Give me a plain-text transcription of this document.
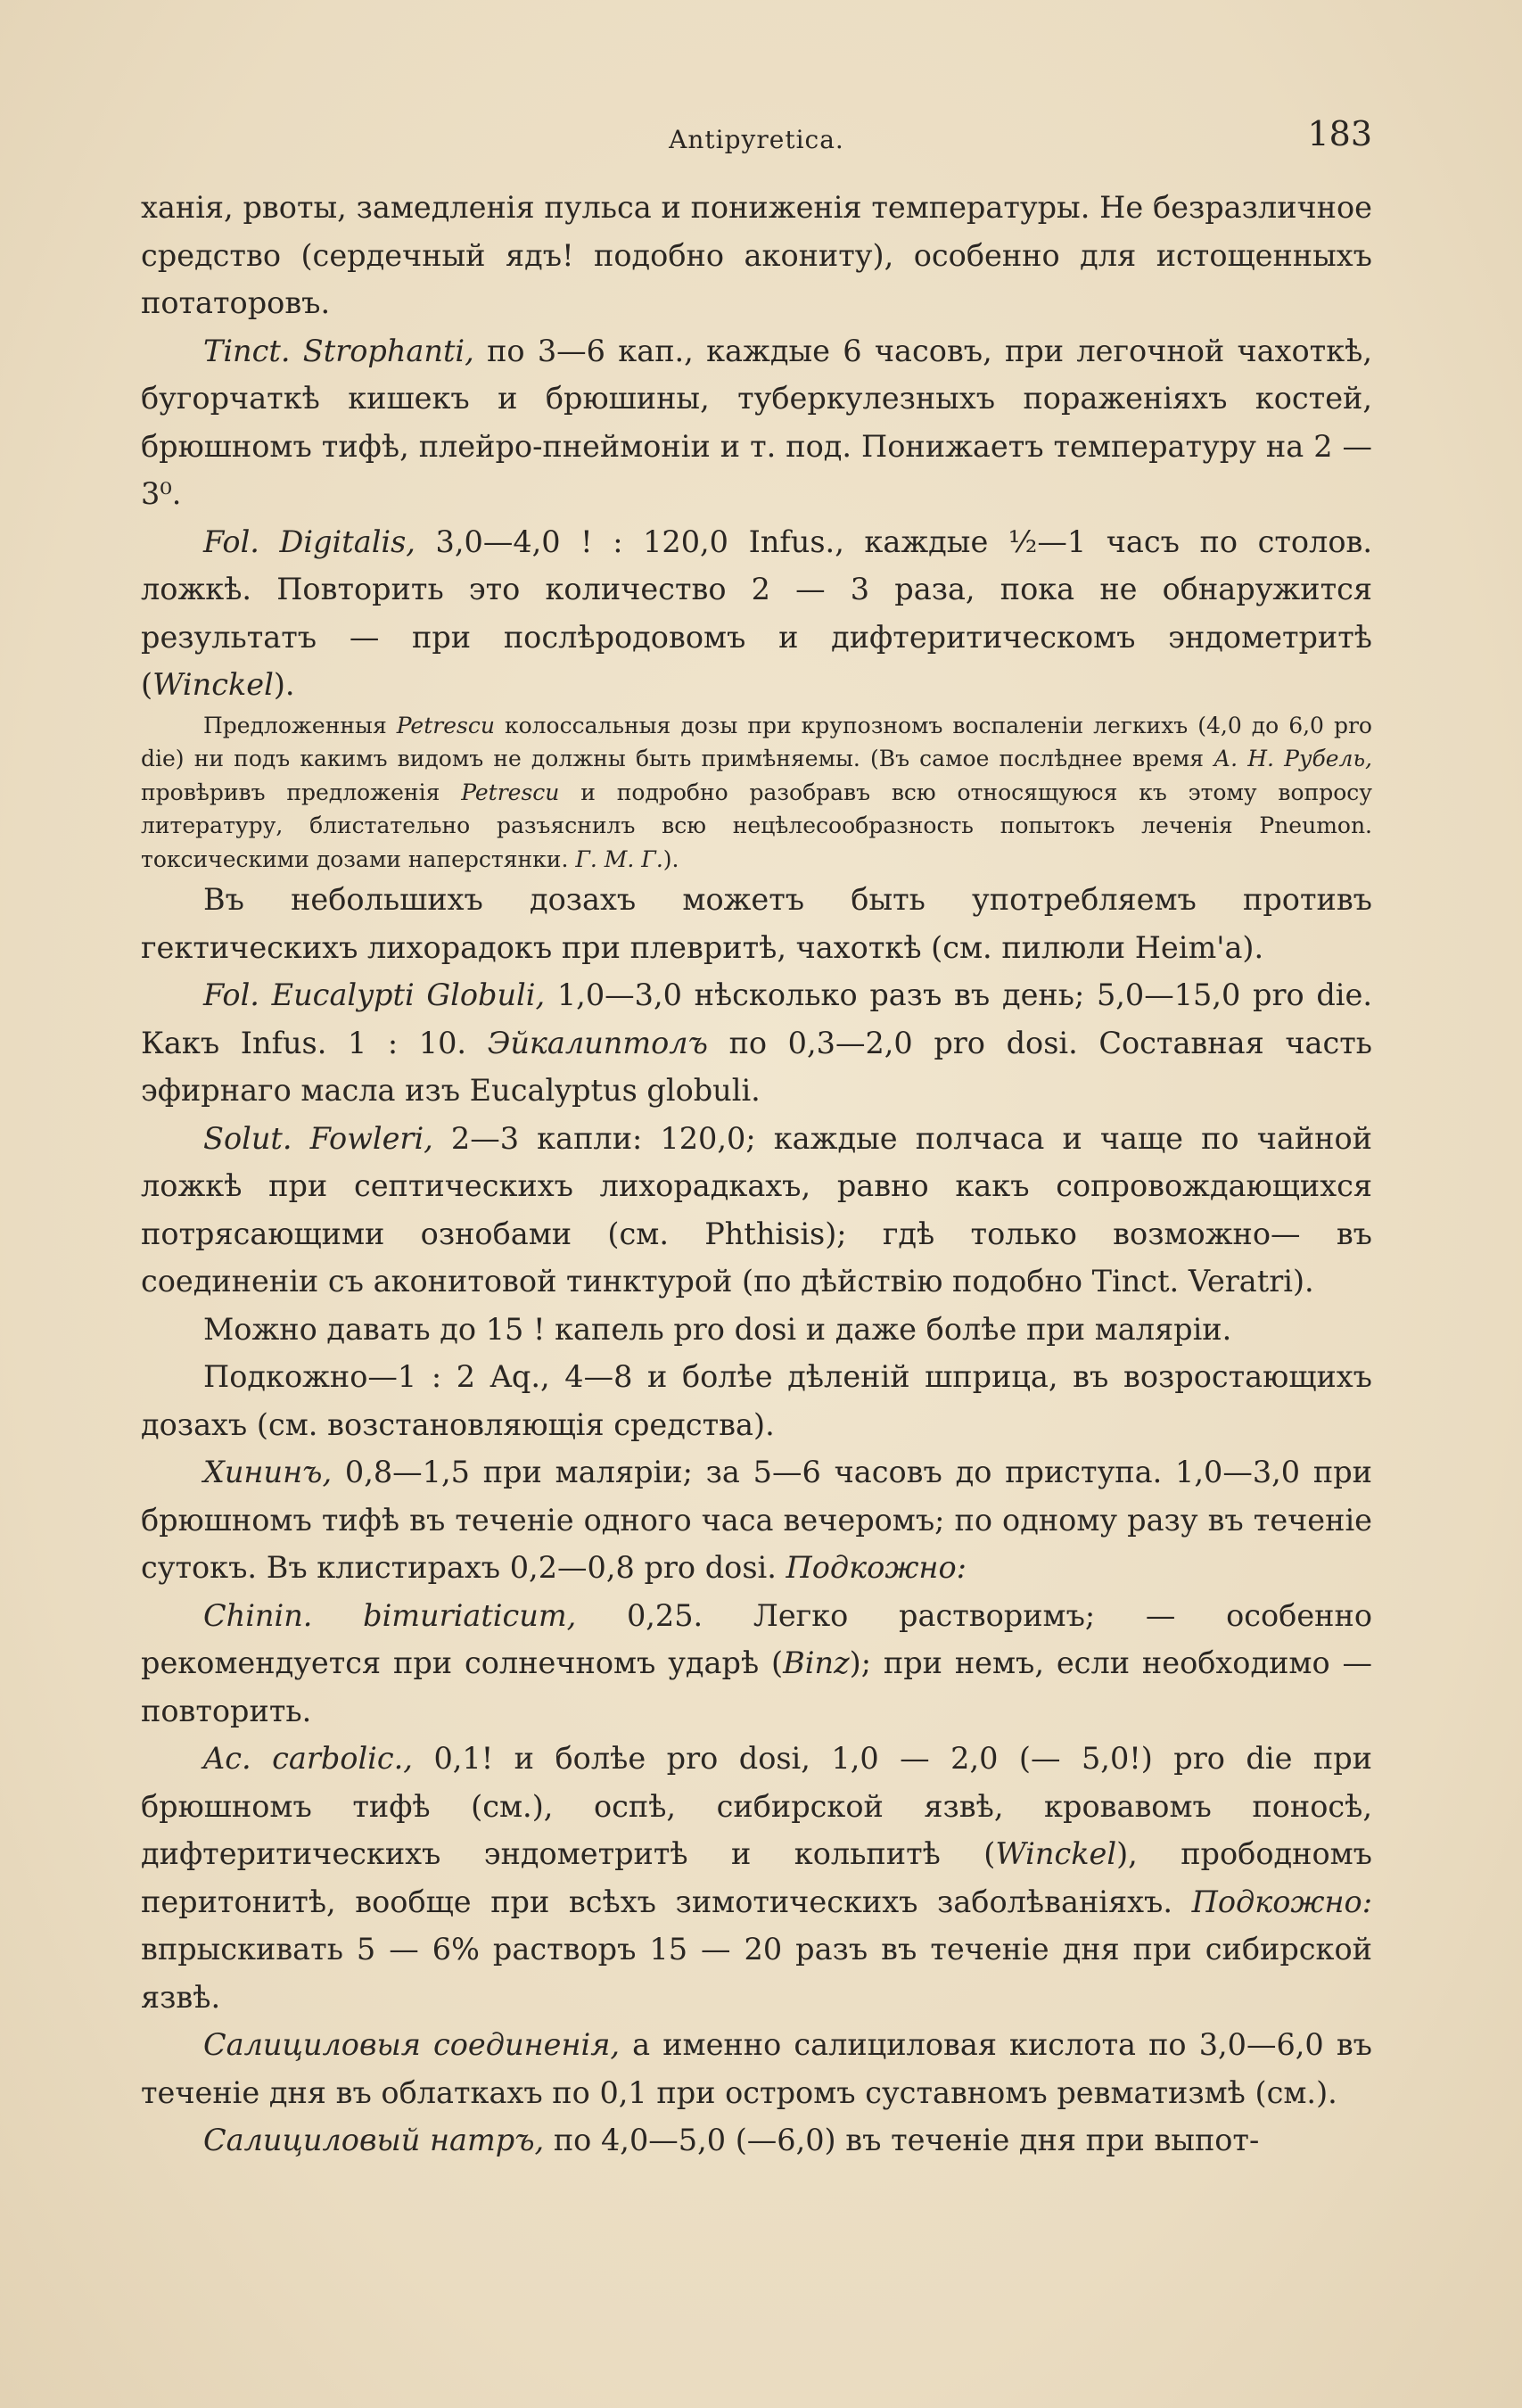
Antipyretica.	183

ханія, рвоты, замедленія пульса и пониженія температуры. Не безразличное средство (сердечный ядъ! подобно акониту), особенно для истощенныхъ потаторовъ.

Tinct. Strophanti, по 3—6 кап., каждые 6 часовъ, при легочной чахоткѣ, бугорчаткѣ кишекъ и брюшины, туберкулезныхъ пораженіяхъ костей, брюшномъ тифѣ, плейро-пнеймоніи и т. под. Понижаетъ температуру на 2 — 3⁰.

Fol. Digitalis, 3,0—4,0 ! : 120,0 Infus., каждые ½—1 часъ по столов. ложкѣ. Повторить это количество 2 — 3 раза, пока не обнаружится результатъ — при послѣродовомъ и дифтеритическомъ эндометритѣ (Winckel).

Предложенныя Petrescu колоссальныя дозы при крупозномъ воспаленіи легкихъ (4,0 до 6,0 pro die) ни подъ какимъ видомъ не должны быть примѣняемы. (Въ самое послѣднее время А. Н. Рубель, провѣривъ предложенія Petrescu и подробно разобравъ всю относящуюся къ этому вопросу литературу, блистательно разъяснилъ всю нецѣлесообразность попытокъ леченія Pneumon. токсическими дозами наперстянки. Г. М. Г.).

Въ небольшихъ дозахъ можетъ быть употребляемъ противъ гектическихъ лихорадокъ при плевритѣ, чахоткѣ (см. пилюли Heim'a).

Fol. Eucalypti Globuli, 1,0—3,0 нѣсколько разъ въ день; 5,0—15,0 pro die. Какъ Infus. 1 : 10. Эйкалиптолъ по 0,3—2,0 pro dosi. Составная часть эфирнаго масла изъ Eucalyptus globuli.

Solut. Fowleri, 2—3 капли: 120,0; каждые полчаса и чаще по чайной ложкѣ при септическихъ лихорадкахъ, равно какъ сопровождающихся потрясающими ознобами (см. Phthisis); гдѣ только возможно— въ соединеніи съ аконитовой тинктурой (по дѣйствію подобно Tinct. Veratri).

Можно давать до 15 ! капель pro dosi и даже болѣе при маляріи.

Подкожно—1 : 2 Aq., 4—8 и болѣе дѣленій шприца, въ возростающихъ дозахъ (см. возстановляющія средства).

Хининъ, 0,8—1,5 при маляріи; за 5—6 часовъ до приступа. 1,0—3,0 при брюшномъ тифѣ въ теченіе одного часа вечеромъ; по одному разу въ теченіе сутокъ. Въ клистирахъ 0,2—0,8 pro dosi. Подкожно:

Chinin. bimuriaticum, 0,25. Легко растворимъ; — особенно рекомендуется при солнечномъ ударѣ (Binz); при немъ, если необходимо — повторить.

Ac. carbolic., 0,1! и болѣе pro dosi, 1,0 — 2,0 (— 5,0!) pro die при брюшномъ тифѣ (см.), оспѣ, сибирской язвѣ, кровавомъ поносѣ, дифтеритическихъ эндометритѣ и кольпитѣ (Winckel), прободномъ перитонитѣ, вообще при всѣхъ зимотическихъ заболѣваніяхъ. Подкожно: впрыскивать 5 — 6% растворъ 15 — 20 разъ въ теченіе дня при сибирской язвѣ.

Салициловыя соединенія, а именно салициловая кислота по 3,0—6,0 въ теченіе дня въ облаткахъ по 0,1 при остромъ суставномъ ревматизмѣ (см.).

Салициловый натръ, по 4,0—5,0 (—6,0) въ теченіе дня при выпот-
